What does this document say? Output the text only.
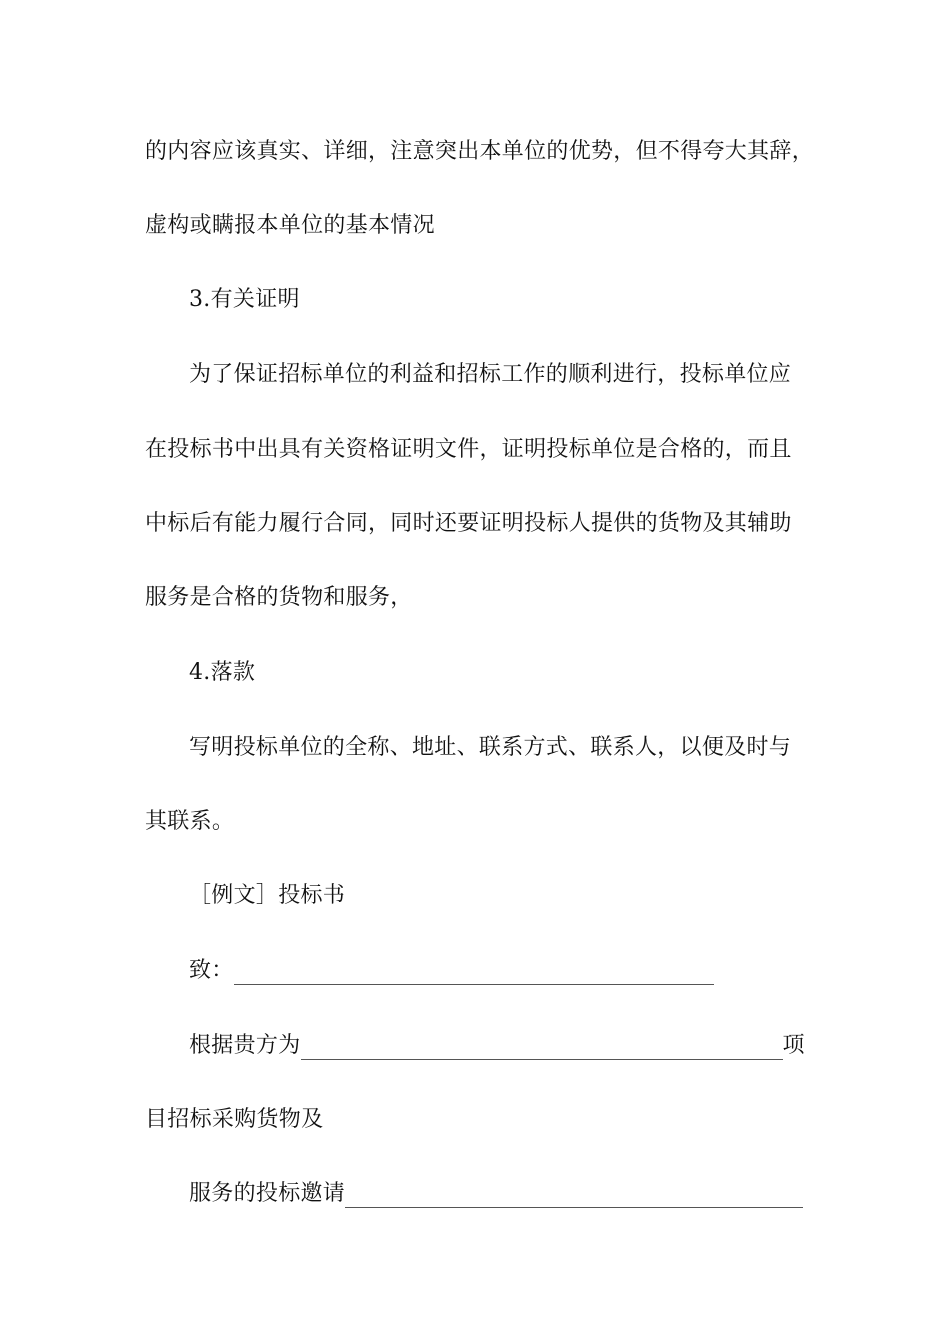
的内容应该真实、详细，注意突出本单位的优势，但不得夸大其辞，
虚构或瞒报本单位的基本情况
3.有关证明
为了保证招标单位的利益和招标工作的顺利进行，投标单位应
在投标书中出具有关资格证明文件，证明投标单位是合格的，而且
中标后有能力履行合同，同时还要证明投标人提供的货物及其辅助
服务是合格的货物和服务，
4.落款
写明投标单位的全称、地址、联系方式、联系人，以便及时与
其联系。
［例文］投标书
致：
根据贵方为	项
目招标采购货物及
服务的投标邀请
